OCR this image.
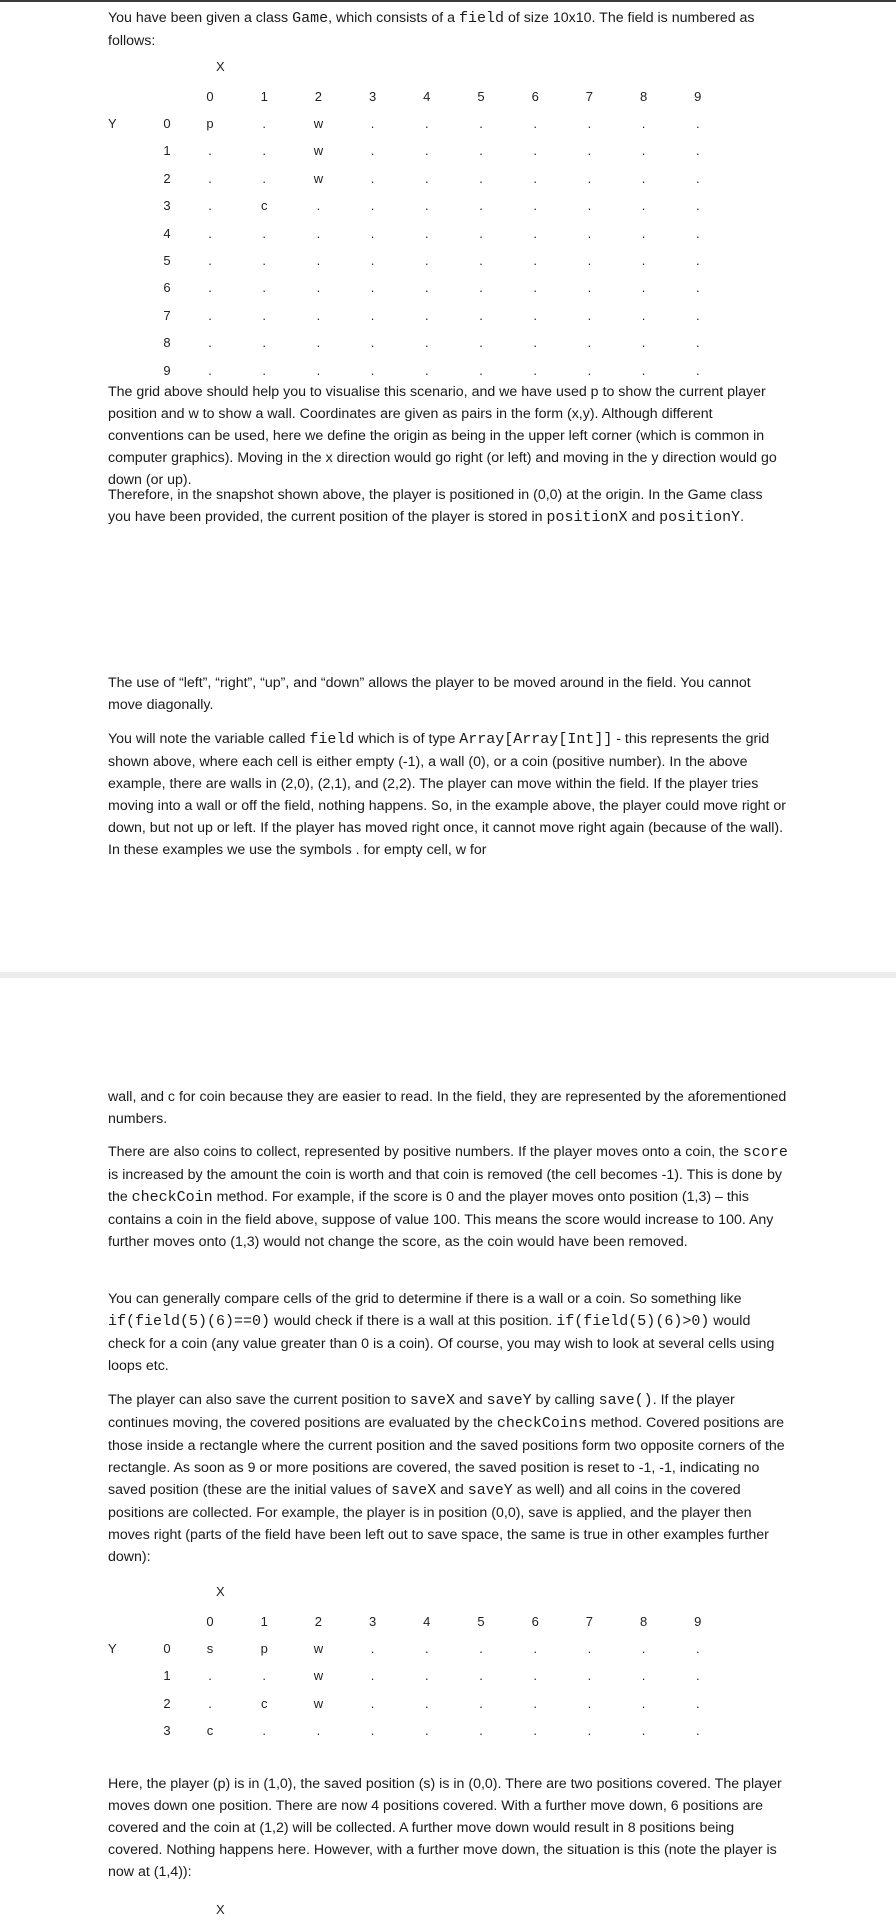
You have been given a class Game, which consists of a field of size 10x10. The field is numbered as follows:

X
0	1	2	3	4	5	6	7	8	9
Y	0	p	.	w	.	.	.	.	.	.	.
1	.	.	w	.	.	.	.	.	.	.
2	.	.	w	.	.	.	.	.	.	.
3	.	c	.	.	.	.	.	.	.	.
4	.	.	.	.	.	.	.	.	.	.
5	.	.	.	.	.	.	.	.	.	.
6	.	.	.	.	.	.	.	.	.	.
7	.	.	.	.	.	.	.	.	.	.
8	.	.	.	.	.	.	.	.	.	.
9	.	.	.	.	.	.	.	.	.	.

The grid above should help you to visualise this scenario, and we have used p to show the current player position and w to show a wall. Coordinates are given as pairs in the form (x,y). Although different conventions can be used, here we define the origin as being in the upper left corner (which is common in computer graphics). Moving in the x direction would go right (or left) and moving in the y direction would go down (or up).

Therefore, in the snapshot shown above, the player is positioned in (0,0) at the origin. In the Game class you have been provided, the current position of the player is stored in positionX and positionY.

The use of “left”, “right”, “up”, and “down” allows the player to be moved around in the field. You cannot move diagonally.

You will note the variable called field which is of type Array[Array[Int]] - this represents the grid shown above, where each cell is either empty (-1), a wall (0), or a coin (positive number). In the above example, there are walls in (2,0), (2,1), and (2,2). The player can move within the field. If the player tries moving into a wall or off the field, nothing happens. So, in the example above, the player could move right or down, but not up or left. If the player has moved right once, it cannot move right again (because of the wall). In these examples we use the symbols . for empty cell, w for

wall, and c for coin because they are easier to read. In the field, they are represented by the aforementioned numbers.

There are also coins to collect, represented by positive numbers. If the player moves onto a coin, the score is increased by the amount the coin is worth and that coin is removed (the cell becomes -1). This is done by the checkCoin method. For example, if the score is 0 and the player moves onto position (1,3) – this contains a coin in the field above, suppose of value 100. This means the score would increase to 100. Any further moves onto (1,3) would not change the score, as the coin would have been removed.

You can generally compare cells of the grid to determine if there is a wall or a coin. So something like if(field(5)(6)==0) would check if there is a wall at this position. if(field(5)(6)>0) would check for a coin (any value greater than 0 is a coin). Of course, you may wish to look at several cells using loops etc.

The player can also save the current position to saveX and saveY by calling save(). If the player continues moving, the covered positions are evaluated by the checkCoins method. Covered positions are those inside a rectangle where the current position and the saved positions form two opposite corners of the rectangle. As soon as 9 or more positions are covered, the saved position is reset to -1, -1, indicating no saved position (these are the initial values of saveX and saveY as well) and all coins in the covered positions are collected. For example, the player is in position (0,0), save is applied, and the player then moves right (parts of the field have been left out to save space, the same is true in other examples further down):

X
0	1	2	3	4	5	6	7	8	9
Y	0	s	p	w	.	.	.	.	.	.	.
1	.	.	w	.	.	.	.	.	.	.
2	.	c	w	.	.	.	.	.	.	.
3	c	.	.	.	.	.	.	.	.	.

Here, the player (p) is in (1,0), the saved position (s) is in (0,0). There are two positions covered. The player moves down one position. There are now 4 positions covered. With a further move down, 6 positions are covered and the coin at (1,2) will be collected. A further move down would result in 8 positions being covered. Nothing happens here. However, with a further move down, the situation is this (note the player is now at (1,4)):

X
